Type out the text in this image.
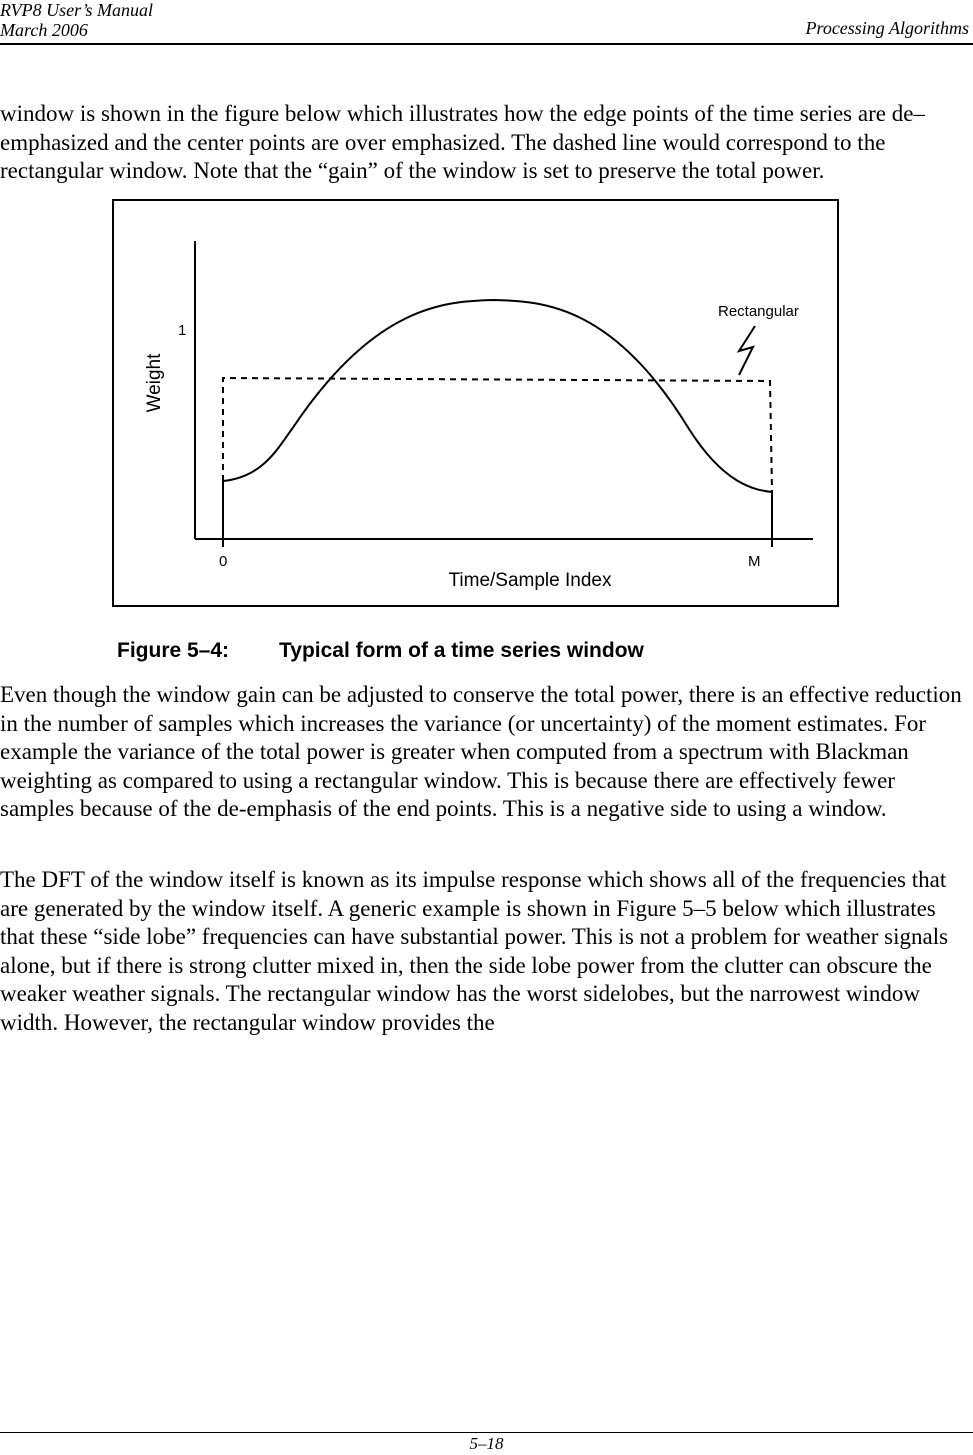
RVP8 User’s Manual
March 2006	Processing Algorithms

window is shown in the figure below which illustrates how the edge points of the time series are de–emphasized and the center points are over emphasized. The dashed line would correspond to the rectangular window. Note that the “gain” of the window is set to preserve the total power.

Rectangular
1
Weight
0	M
Time/Sample Index
Figure 5–4: Typical form of a time series window

Even though the window gain can be adjusted to conserve the total power, there is an effective reduction in the number of samples which increases the variance (or uncertainty) of the moment estimates. For example the variance of the total power is greater when computed from a spectrum with Blackman weighting as compared to using a rectangular window. This is because there are effectively fewer samples because of the de-emphasis of the end points. This is a negative side to using a window.

The DFT of the window itself is known as its impulse response which shows all of the frequencies that are generated by the window itself. A generic example is shown in Figure 5–5 below which illustrates that these “side lobe” frequencies can have substantial power. This is not a problem for weather signals alone, but if there is strong clutter mixed in, then the side lobe power from the clutter can obscure the weaker weather signals. The rectangular window has the worst sidelobes, but the narrowest window width. However, the rectangular window provides the

5–18
